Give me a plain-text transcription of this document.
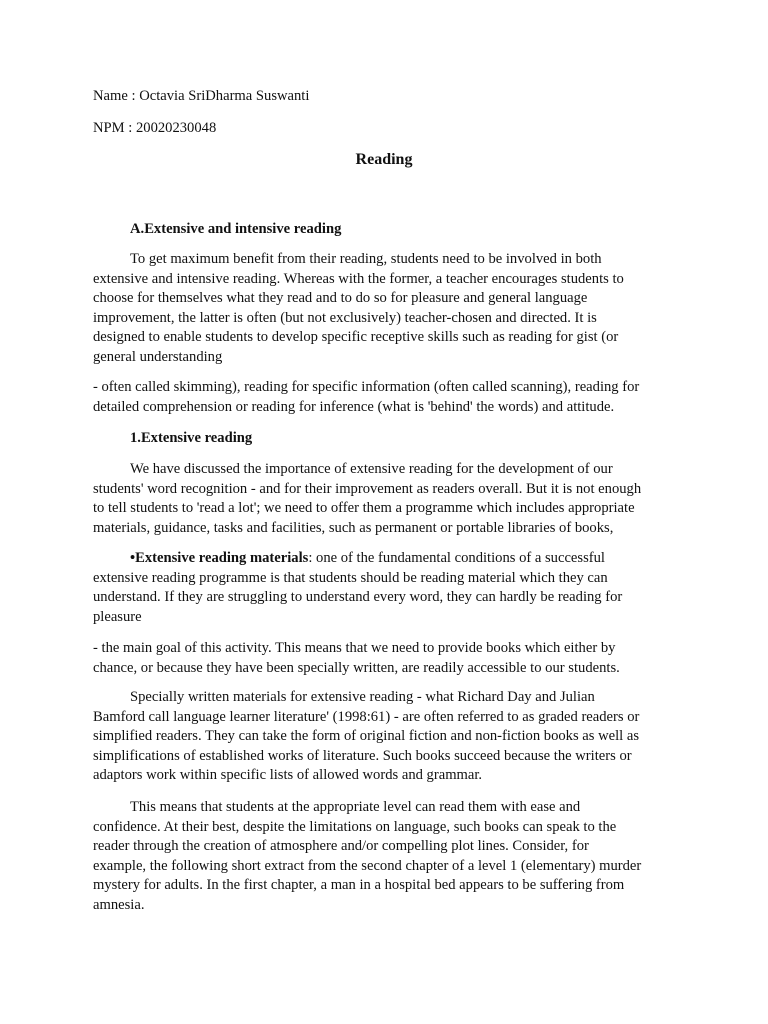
Name : Octavia SriDharma Suswanti
NPM : 20020230048
Reading
A.Extensive and intensive reading
To get maximum benefit from their reading, students need to be involved in both
extensive and intensive reading. Whereas with the former, a teacher encourages students to
choose for themselves what they read and to do so for pleasure and general language
improvement, the latter is often (but not exclusively) teacher-chosen and directed. It is
designed to enable students to develop specific receptive skills such as reading for gist (or
general understanding
- often called skimming), reading for specific information (often called scanning), reading for
detailed comprehension or reading for inference (what is 'behind' the words) and attitude.
1.Extensive reading
We have discussed the importance of extensive reading for the development of our
students' word recognition - and for their improvement as readers overall. But it is not enough
to tell students to 'read a lot'; we need to offer them a programme which includes appropriate
materials, guidance, tasks and facilities, such as permanent or portable libraries of books,
•Extensive reading materials: one of the fundamental conditions of a successful
extensive reading programme is that students should be reading material which they can
understand. If they are struggling to understand every word, they can hardly be reading for
pleasure
- the main goal of this activity. This means that we need to provide books which either by
chance, or because they have been specially written, are readily accessible to our students.
Specially written materials for extensive reading - what Richard Day and Julian
Bamford call language learner literature' (1998:61) - are often referred to as graded readers or
simplified readers. They can take the form of original fiction and non-fiction books as well as
simplifications of established works of literature. Such books succeed because the writers or
adaptors work within specific lists of allowed words and grammar.
This means that students at the appropriate level can read them with ease and
confidence. At their best, despite the limitations on language, such books can speak to the
reader through the creation of atmosphere and/or compelling plot lines. Consider, for
example, the following short extract from the second chapter of a level 1 (elementary) murder
mystery for adults. In the first chapter, a man in a hospital bed appears to be suffering from
amnesia.
